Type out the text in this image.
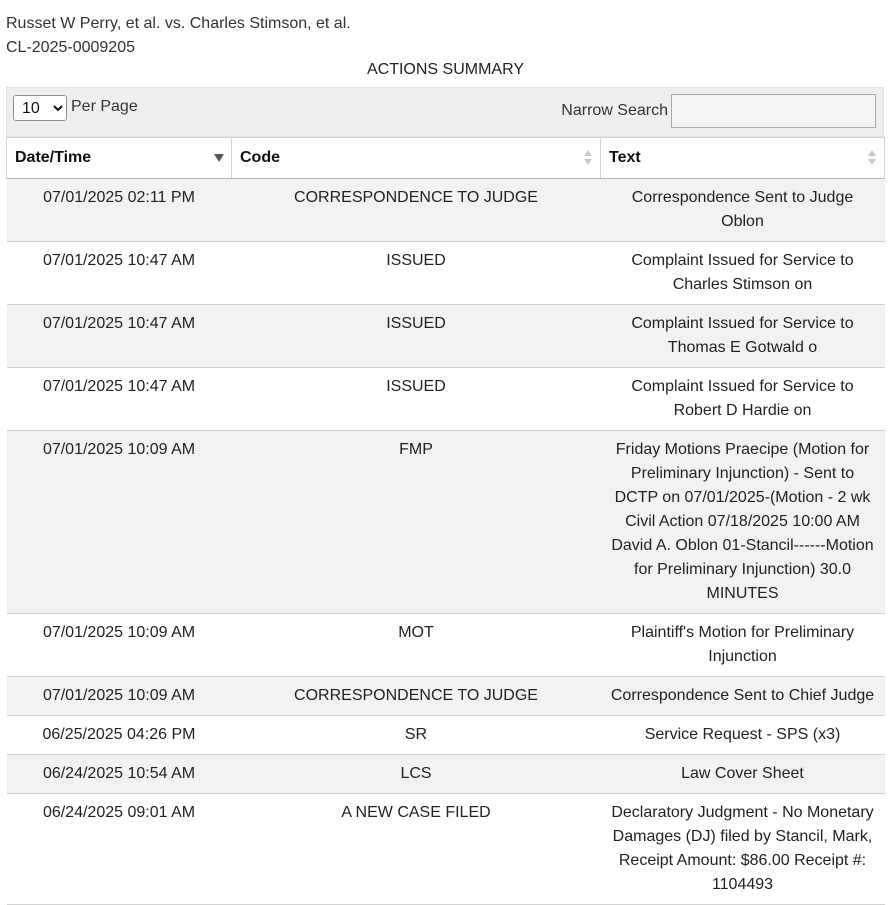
Russet W Perry, et al. vs. Charles Stimson, et al.
CL-2025-0009205
ACTIONS SUMMARY
10
Per Page	Narrow Search
Date/Time	Code	Text

07/01/2025 02:11 PM	CORRESPONDENCE TO JUDGE	Correspondence Sent to Judge Oblon
07/01/2025 10:47 AM	ISSUED	Complaint Issued for Service to Charles Stimson on
07/01/2025 10:47 AM	ISSUED	Complaint Issued for Service to Thomas E Gotwald o
07/01/2025 10:47 AM	ISSUED	Complaint Issued for Service to Robert D Hardie on
07/01/2025 10:09 AM	FMP	Friday Motions Praecipe (Motion for Preliminary Injunction) - Sent to DCTP on 07/01/2025-(Motion - 2 wk Civil Action 07/18/2025 10:00 AM David A. Oblon 01-Stancil------Motion for Preliminary Injunction) 30.0 MINUTES
07/01/2025 10:09 AM	MOT	Plaintiff's Motion for Preliminary Injunction
07/01/2025 10:09 AM	CORRESPONDENCE TO JUDGE	Correspondence Sent to Chief Judge
06/25/2025 04:26 PM	SR	Service Request - SPS (x3)
06/24/2025 10:54 AM	LCS	Law Cover Sheet
06/24/2025 09:01 AM	A NEW CASE FILED	Declaratory Judgment - No Monetary Damages (DJ) filed by Stancil, Mark, Receipt Amount: $86.00 Receipt #: 1104493
